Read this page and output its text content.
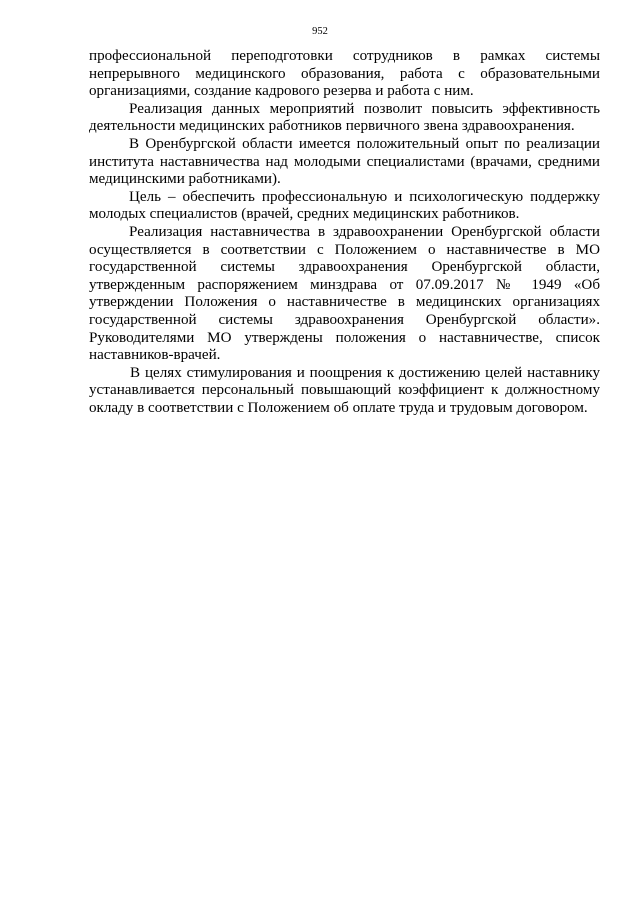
952

профессиональной переподготовки сотрудников в рамках системы непрерывного медицинского образования, работа с образовательными организациями, создание кадрового резерва и работа с ним.

Реализация данных мероприятий позволит повысить эффективность деятельности медицинских работников первичного звена здравоохранения.

В Оренбургской области имеется положительный опыт по реализации института наставничества над молодыми специалистами (врачами, средними медицинскими работниками).

Цель – обеспечить профессиональную и психологическую поддержку молодых специалистов (врачей, средних медицинских работников.

Реализация наставничества в здравоохранении Оренбургской области осуществляется в соответствии с Положением о наставничестве в МО государственной системы здравоохранения Оренбургской области, утвержденным распоряжением минздрава от 07.09.2017 № 1949 «Об утверждении Положения о наставничестве в медицинских организациях государственной системы здравоохранения Оренбургской области». Руководителями МО утверждены положения о наставничестве, список наставников-врачей.

В целях стимулирования и поощрения к достижению целей наставнику устанавливается персональный повышающий коэффициент к должностному окладу в соответствии с Положением об оплате труда и трудовым договором.
